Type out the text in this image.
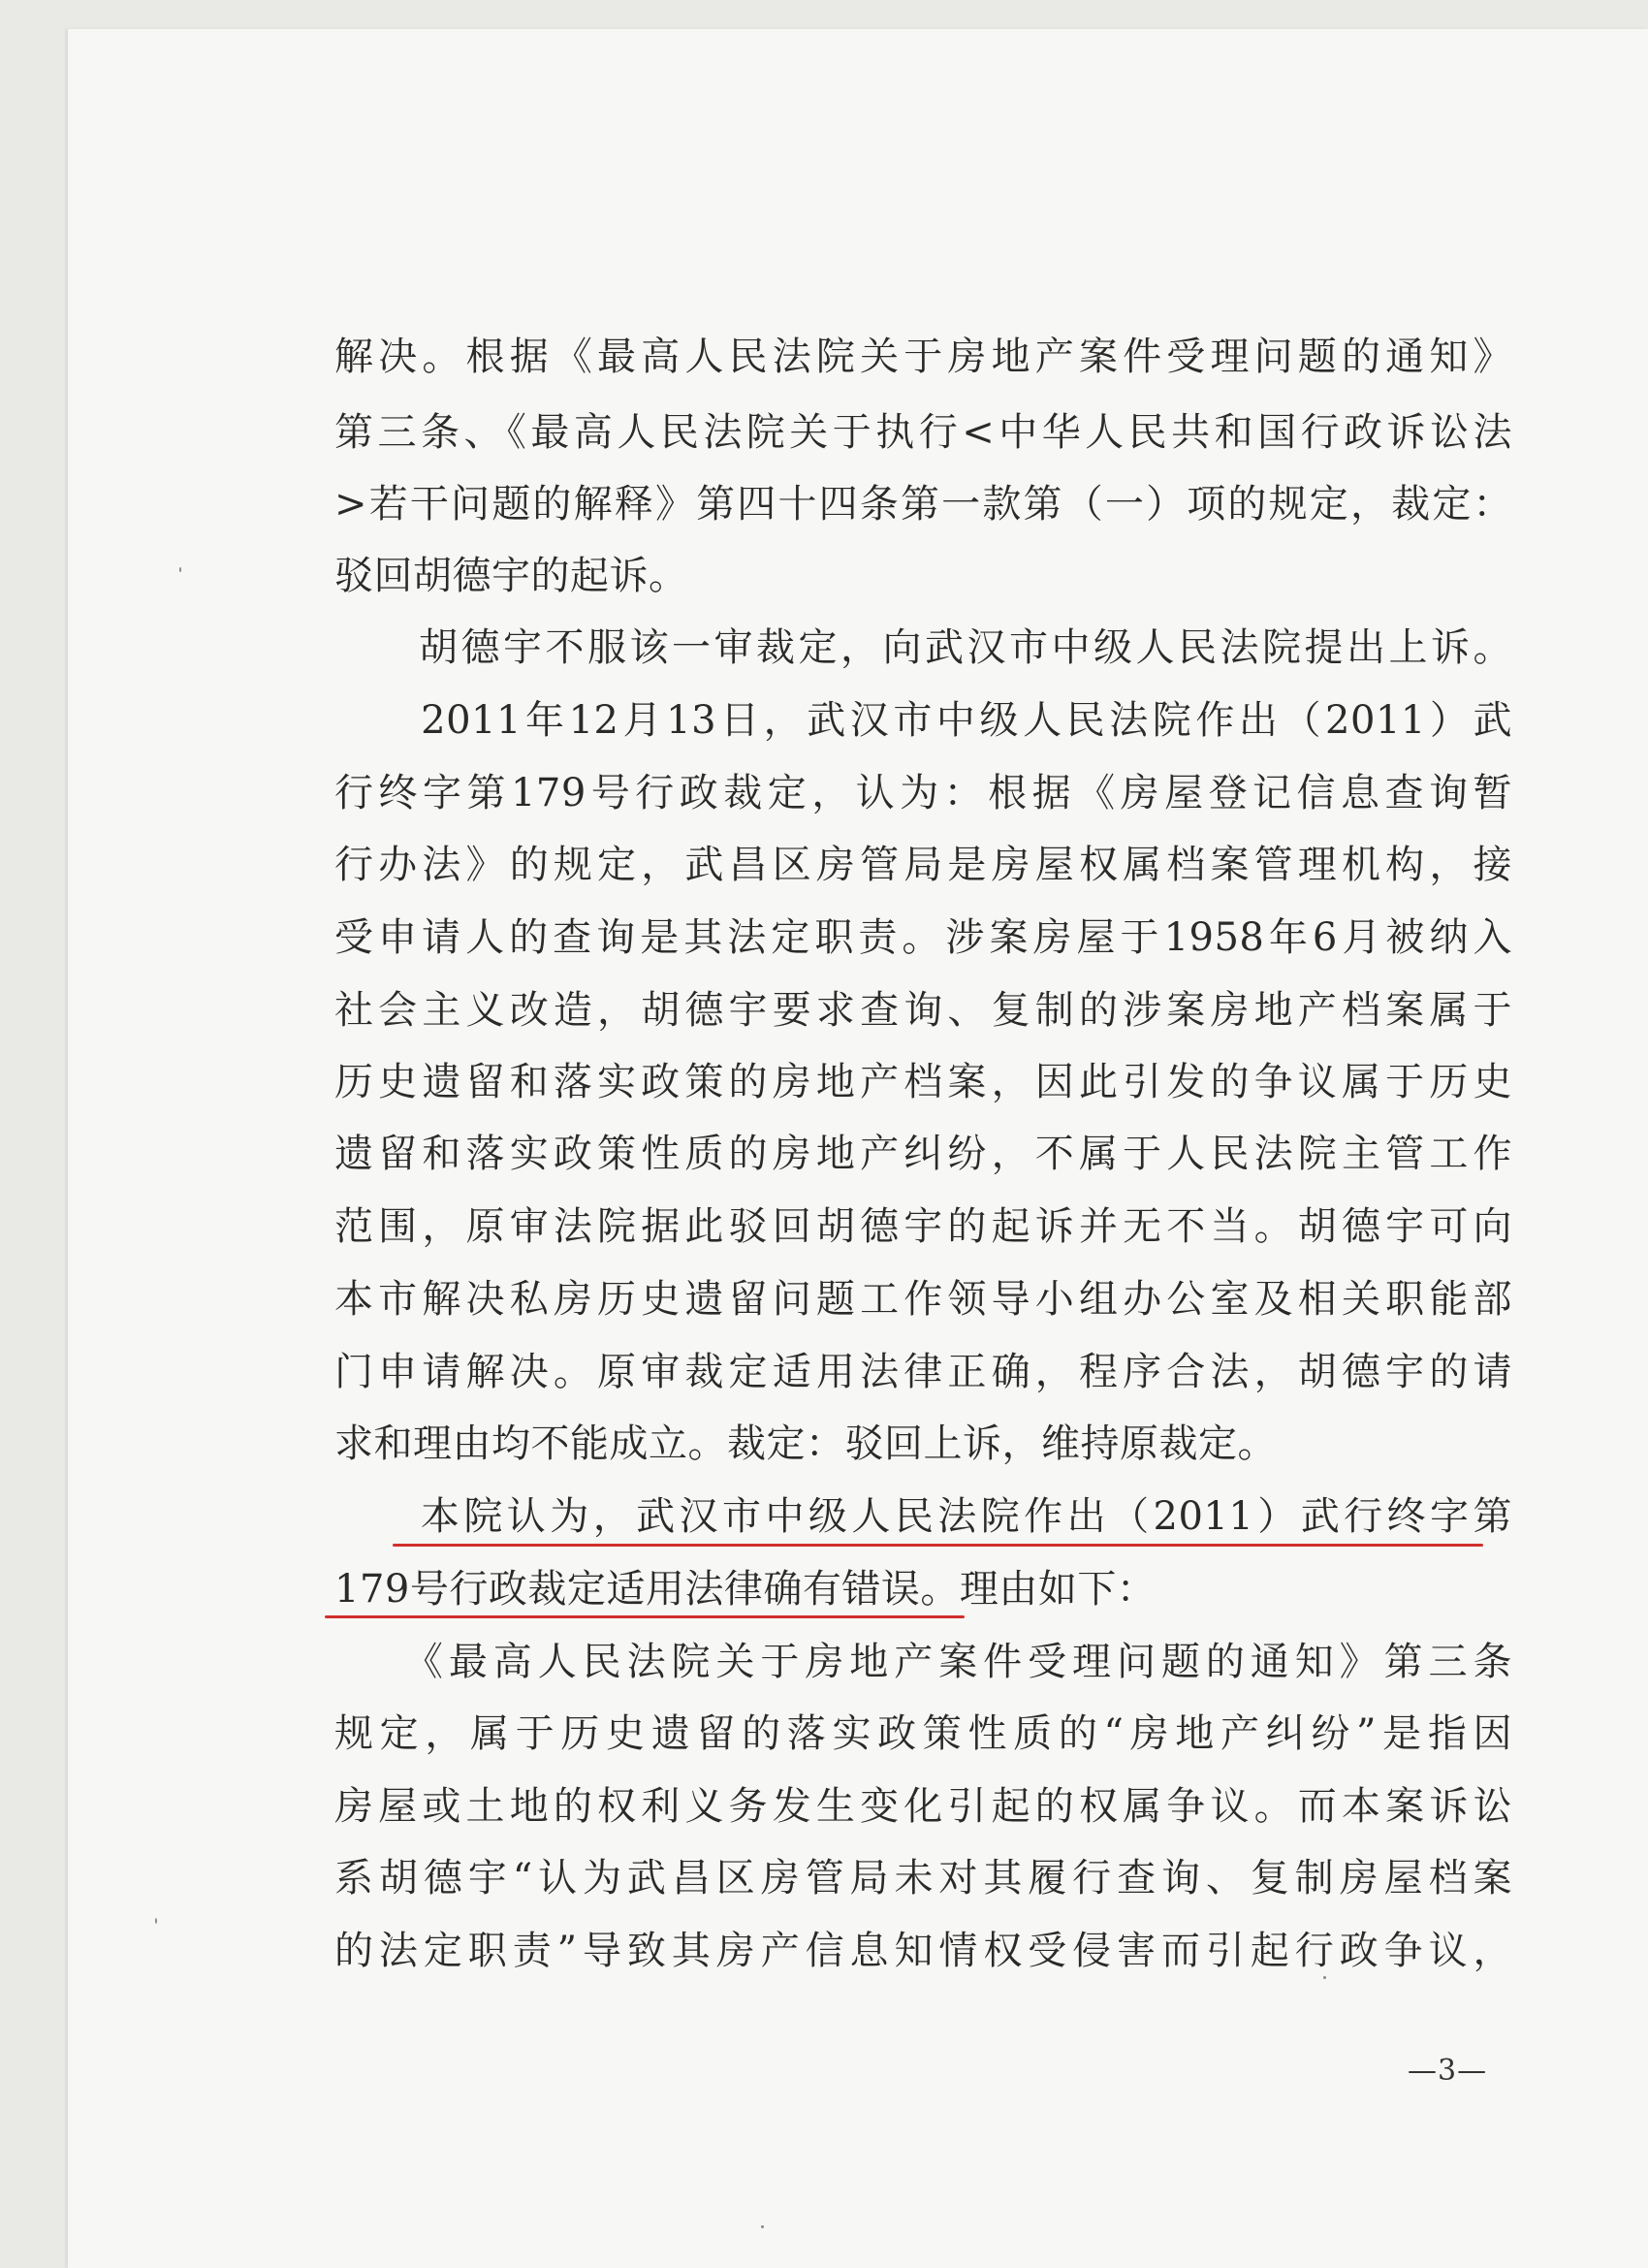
解决。根据《最高人民法院关于房地产案件受理问题的通知》
第三条、《最高人民法院关于执行<中华人民共和国行政诉讼法
>若干问题的解释》第四十四条第一款第（一）项的规定，裁定：
驳回胡德宇的起诉。
　　胡德宇不服该一审裁定，向武汉市中级人民法院提出上诉。
　　2011年12月13日，武汉市中级人民法院作出（2011）武
行终字第179号行政裁定，认为：根据《房屋登记信息查询暂
行办法》的规定，武昌区房管局是房屋权属档案管理机构，接
受申请人的查询是其法定职责。涉案房屋于1958年6月被纳入
社会主义改造，胡德宇要求查询、复制的涉案房地产档案属于
历史遗留和落实政策的房地产档案，因此引发的争议属于历史
遗留和落实政策性质的房地产纠纷，不属于人民法院主管工作
范围，原审法院据此驳回胡德宇的起诉并无不当。胡德宇可向
本市解决私房历史遗留问题工作领导小组办公室及相关职能部
门申请解决。原审裁定适用法律正确，程序合法，胡德宇的请
求和理由均不能成立。裁定：驳回上诉，维持原裁定。
　　本院认为，武汉市中级人民法院作出（2011）武行终字第
179号行政裁定适用法律确有错误。理由如下：
　　《最高人民法院关于房地产案件受理问题的通知》第三条
规定，属于历史遗留的落实政策性质的“房地产纠纷”是指因
房屋或土地的权利义务发生变化引起的权属争议。而本案诉讼
系胡德宇“认为武昌区房管局未对其履行查询、复制房屋档案
的法定职责”导致其房产信息知情权受侵害而引起行政争议，
—3—
